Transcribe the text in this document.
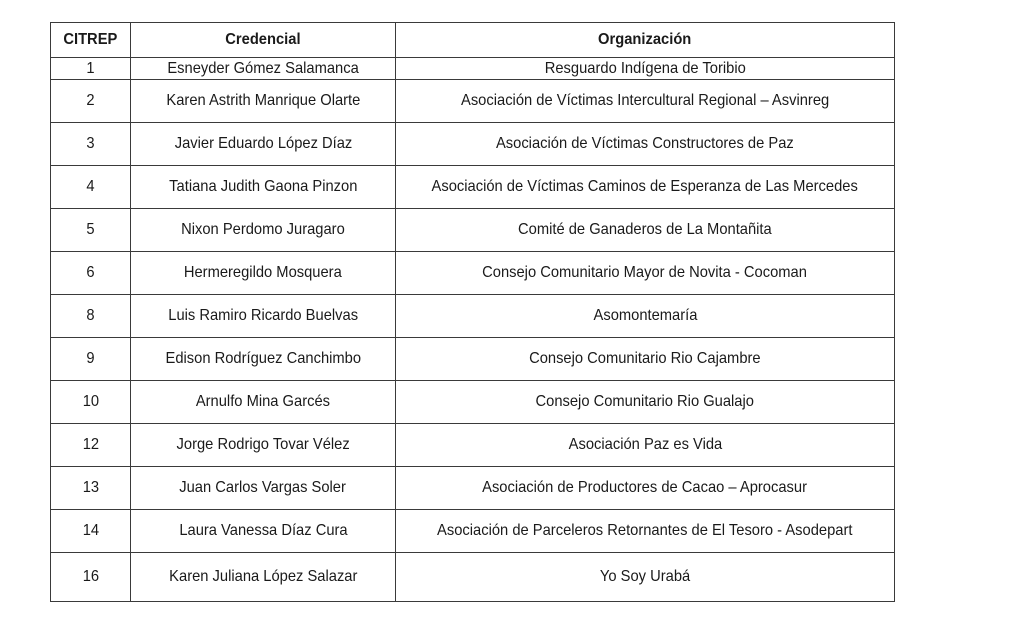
CITREP	Credencial	Organización
1	Esneyder Gómez Salamanca	Resguardo Indígena de Toribio
2	Karen Astrith Manrique Olarte	Asociación de Víctimas Intercultural Regional – Asvinreg
3	Javier Eduardo López Díaz	Asociación de Víctimas Constructores de Paz
4	Tatiana Judith Gaona Pinzon	Asociación de Víctimas Caminos de Esperanza de Las Mercedes
5	Nixon Perdomo Juragaro	Comité de Ganaderos de La Montañita
6	Hermeregildo Mosquera	Consejo Comunitario Mayor de Novita - Cocoman
8	Luis Ramiro Ricardo Buelvas	Asomontemaría
9	Edison Rodríguez Canchimbo	Consejo Comunitario Rio Cajambre
10	Arnulfo Mina Garcés	Consejo Comunitario Rio Gualajo
12	Jorge Rodrigo Tovar Vélez	Asociación Paz es Vida
13	Juan Carlos Vargas Soler	Asociación de Productores de Cacao – Aprocasur
14	Laura Vanessa Díaz Cura	Asociación de Parceleros Retornantes de El Tesoro - Asodepart
16	Karen Juliana López Salazar	Yo Soy Urabá
